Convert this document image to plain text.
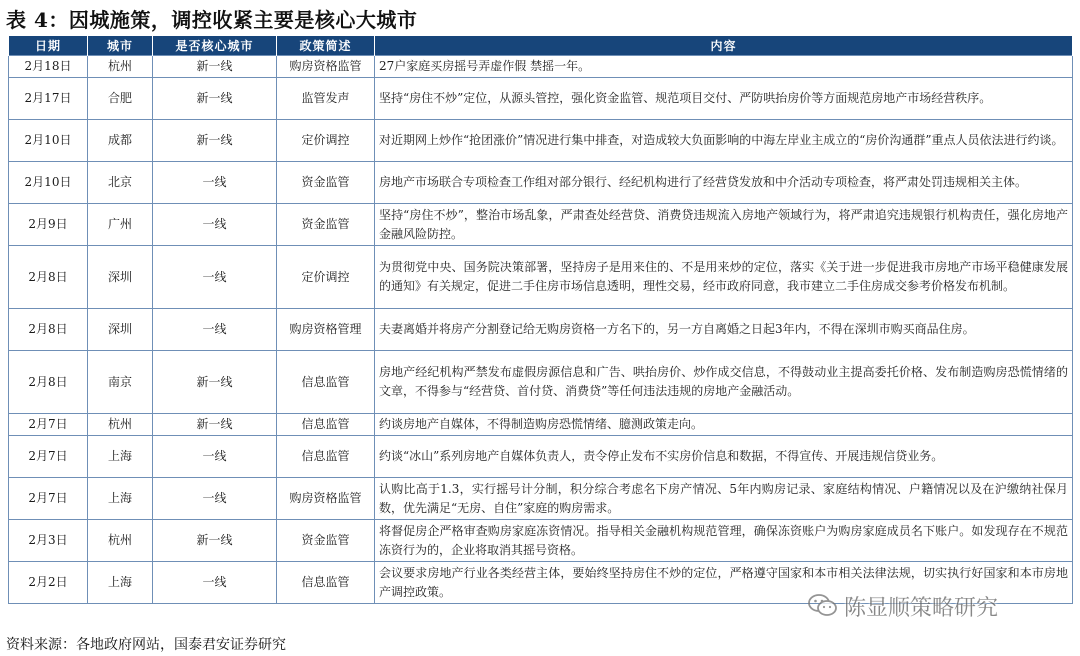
表 4：因城施策，调控收紧主要是核心大城市
日期	城市	是否核心城市	政策简述	内容
2月18日	杭州	新一线	购房资格监管	27户家庭买房摇号弄虚作假 禁摇一年。
2月17日	合肥	新一线	监管发声	坚持“房住不炒”定位，从源头管控，强化资金监管、规范项目交付、严防哄抬房价等方面规范房地产市场经营秩序。
2月10日	成都	新一线	定价调控	对近期网上炒作“抢团涨价”情况进行集中排查，对造成较大负面影响的中海左岸业主成立的“房价沟通群”重点人员依法进行约谈。
2月10日	北京	一线	资金监管	房地产市场联合专项检查工作组对部分银行、经纪机构进行了经营贷发放和中介活动专项检查，将严肃处罚违规相关主体。
2月9日	广州	一线	资金监管	坚持“房住不炒”，整治市场乱象，严肃查处经营贷、消费贷违规流入房地产领域行为，将严肃追究违规银行机构责任，强化房地产金融风险防控。
2月8日	深圳	一线	定价调控	为贯彻党中央、国务院决策部署，坚持房子是用来住的、不是用来炒的定位，落实《关于进一步促进我市房地产市场平稳健康发展的通知》有关规定，促进二手住房市场信息透明，理性交易，经市政府同意，我市建立二手住房成交参考价格发布机制。
2月8日	深圳	一线	购房资格管理	夫妻离婚并将房产分割登记给无购房资格一方名下的，另一方自离婚之日起3年内，不得在深圳市购买商品住房。
2月8日	南京	新一线	信息监管	房地产经纪机构严禁发布虚假房源信息和广告、哄抬房价、炒作成交信息，不得鼓动业主提高委托价格、发布制造购房恐慌情绪的文章，不得参与“经营贷、首付贷、消费贷”等任何违法违规的房地产金融活动。
2月7日	杭州	新一线	信息监管	约谈房地产自媒体，不得制造购房恐慌情绪、臆测政策走向。
2月7日	上海	一线	信息监管	约谈“冰山”系列房地产自媒体负责人，责令停止发布不实房价信息和数据，不得宣传、开展违规信贷业务。
2月7日	上海	一线	购房资格监管	认购比高于1.3，实行摇号计分制，积分综合考虑名下房产情况、5年内购房记录、家庭结构情况、户籍情况以及在沪缴纳社保月数，优先满足“无房、自住”家庭的购房需求。
2月3日	杭州	新一线	资金监管	将督促房企严格审查购房家庭冻资情况。指导相关金融机构规范管理，确保冻资账户为购房家庭成员名下账户。如发现存在不规范冻资行为的，企业将取消其摇号资格。
2月2日	上海	一线	信息监管	会议要求房地产行业各类经营主体，要始终坚持房住不炒的定位，严格遵守国家和本市相关法律法规，切实执行好国家和本市房地产调控政策。
陈显顺策略研究
资料来源：各地政府网站，国泰君安证券研究
